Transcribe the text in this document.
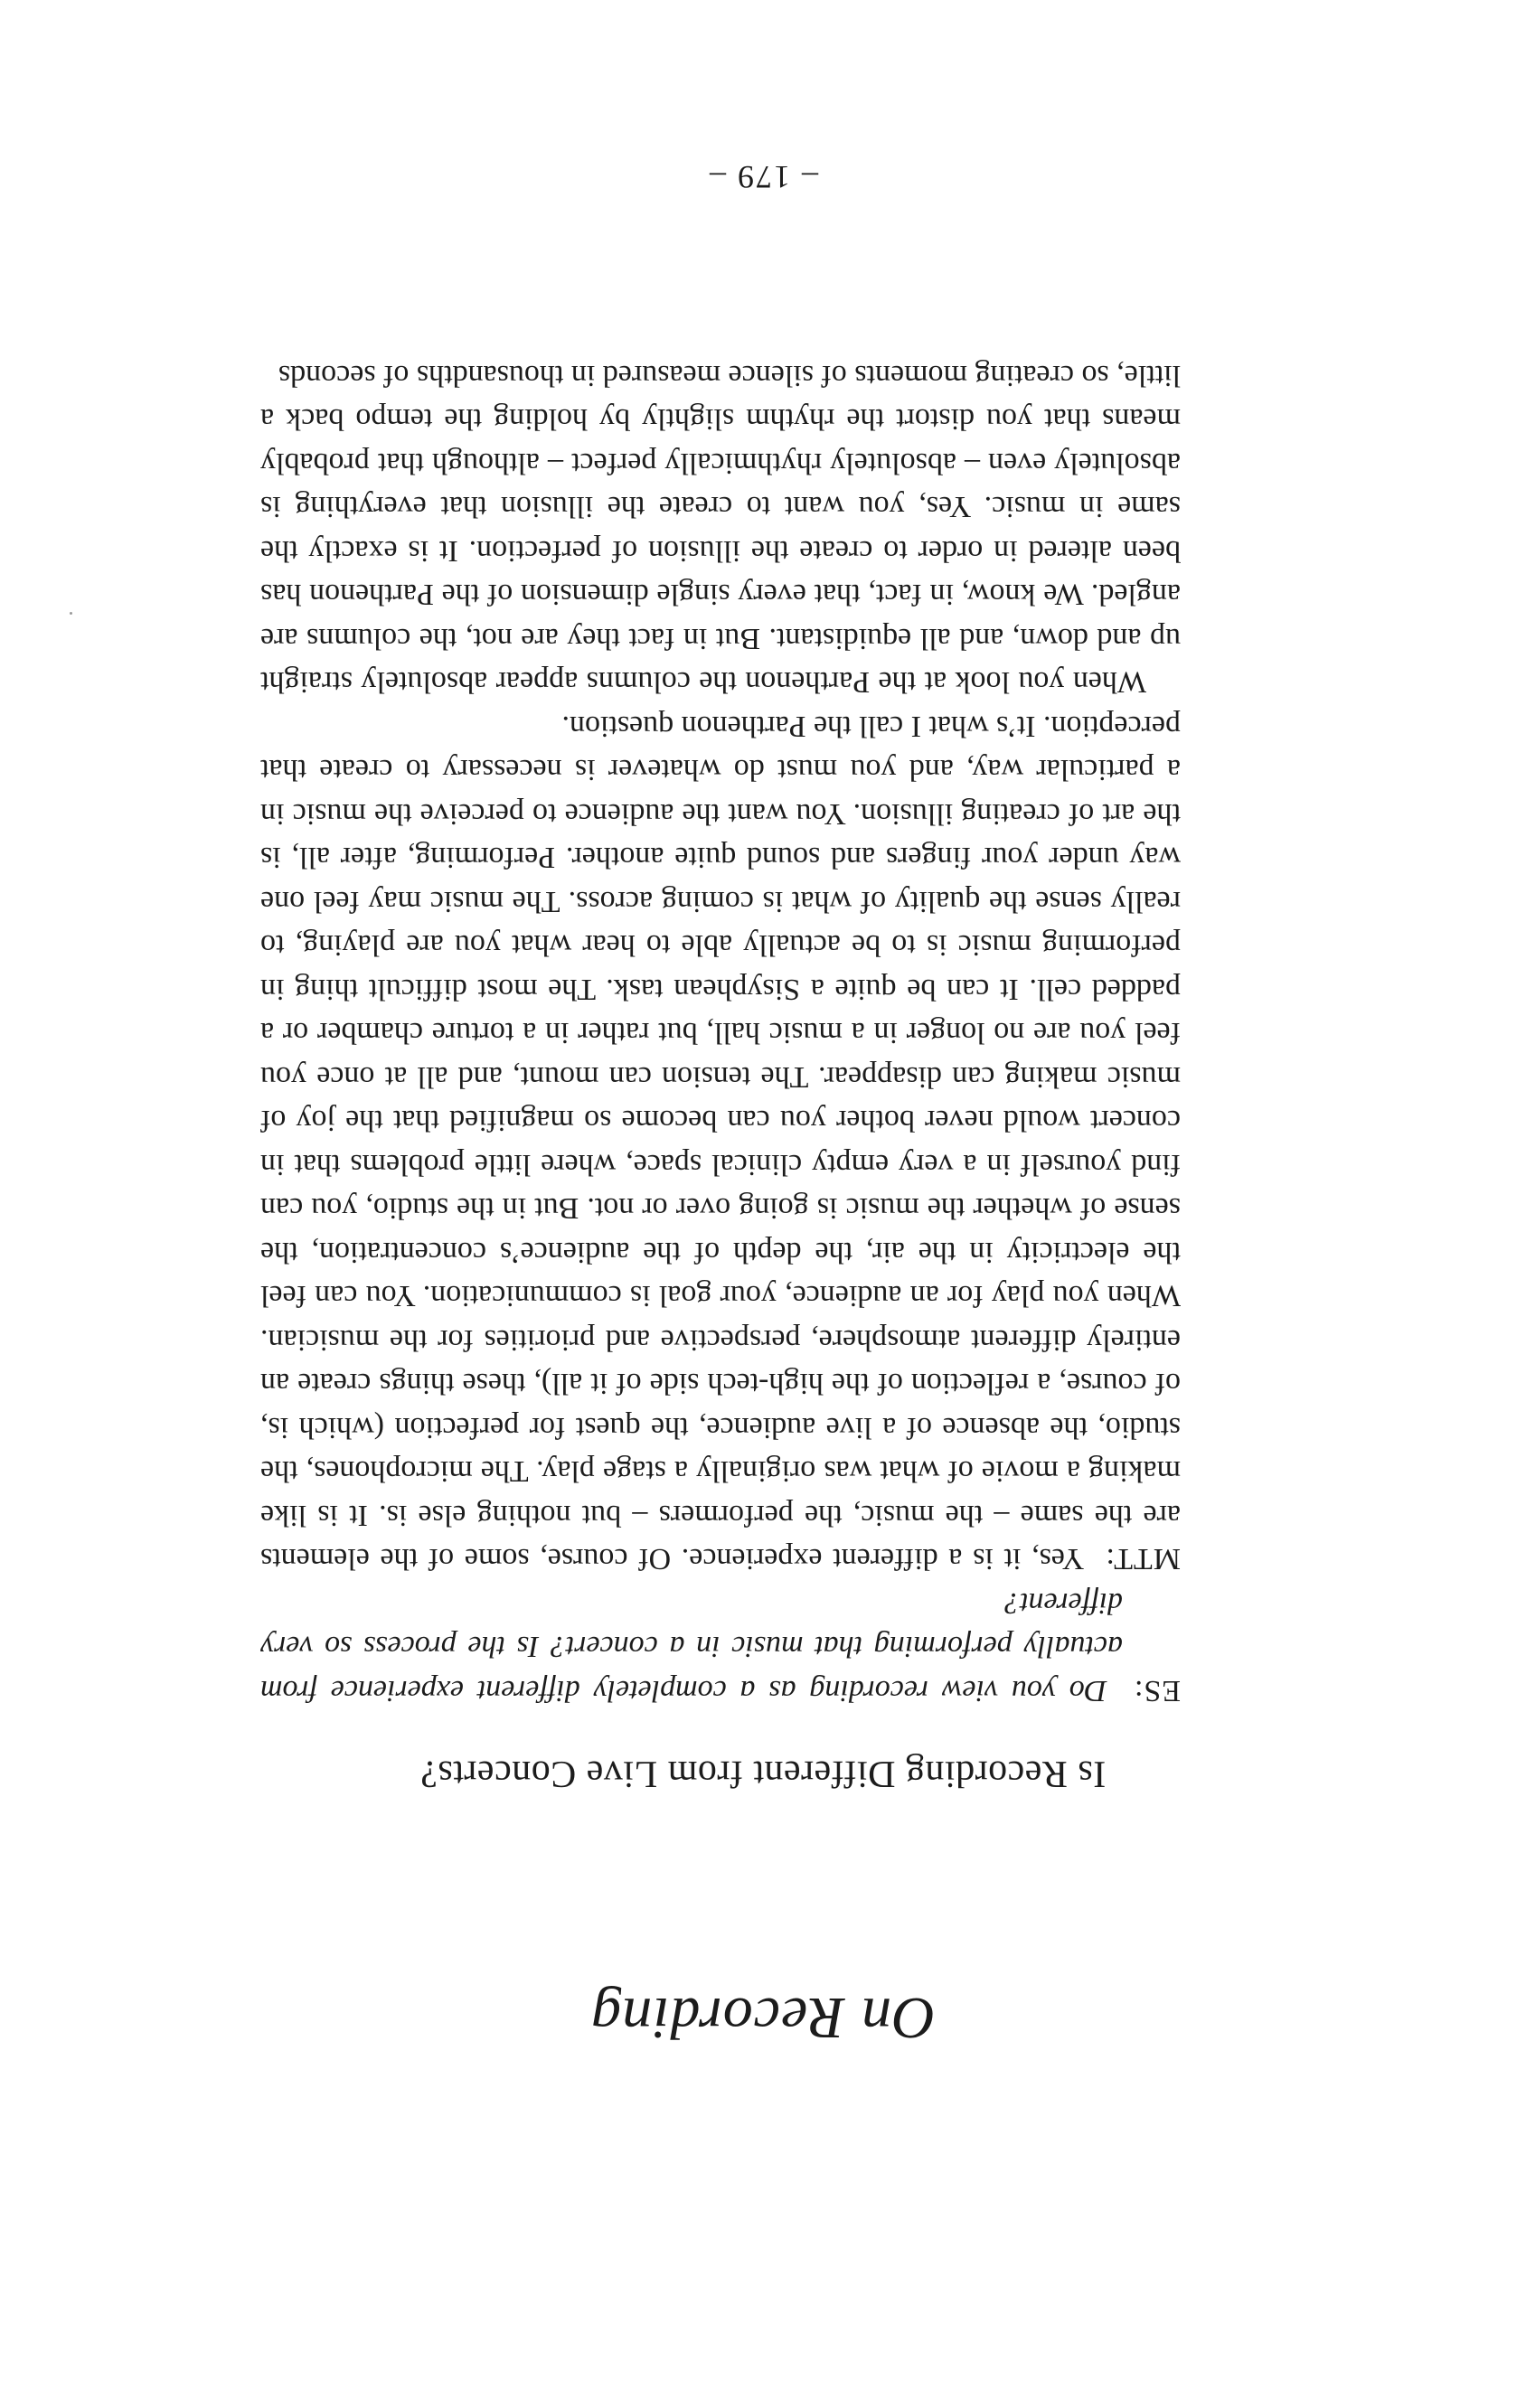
On Recording
Is Recording Different from Live Concerts?

ES:  Do you view recording as a completely different experience from actually performing that music in a concert? Is the process so very different?

MTT:  Yes, it is a different experience. Of course, some of the elements are the same – the music, the performers – but nothing else is. It is like making a movie of what was originally a stage play. The microphones, the studio, the absence of a live audience, the quest for perfection (which is, of course, a reflection of the high-tech side of it all), these things create an entirely different atmosphere, perspective and priorities for the musician. When you play for an audience, your goal is communication. You can feel the electricity in the air, the depth of the audience’s concentration, the sense of whether the music is going over or not. But in the studio, you can find yourself in a very empty clinical space, where little problems that in concert would never bother you can become so magnified that the joy of music making can disappear. The tension can mount, and all at once you feel you are no longer in a music hall, but rather in a torture chamber or a padded cell. It can be quite a Sisyphean task. The most difficult thing in performing music is to be actually able to hear what you are playing, to really sense the quality of what is coming across. The music may feel one way under your fingers and sound quite another. Performing, after all, is the art of creating illusion. You want the audience to perceive the music in a particular way, and you must do whatever is necessary to create that perception. It’s what I call the Parthenon question.

When you look at the Parthenon the columns appear absolutely straight up and down, and all equidistant. But in fact they are not, the columns are angled. We know, in fact, that every single dimension of the Parthenon has been altered in order to create the illusion of perfection. It is exactly the same in music. Yes, you want to create the illusion that everything is absolutely even – absolutely rhythmically perfect – although that probably means that you distort the rhythm slightly by holding the tempo back a little, so creating moments of silence measured in thousandths of seconds

– 179 –
